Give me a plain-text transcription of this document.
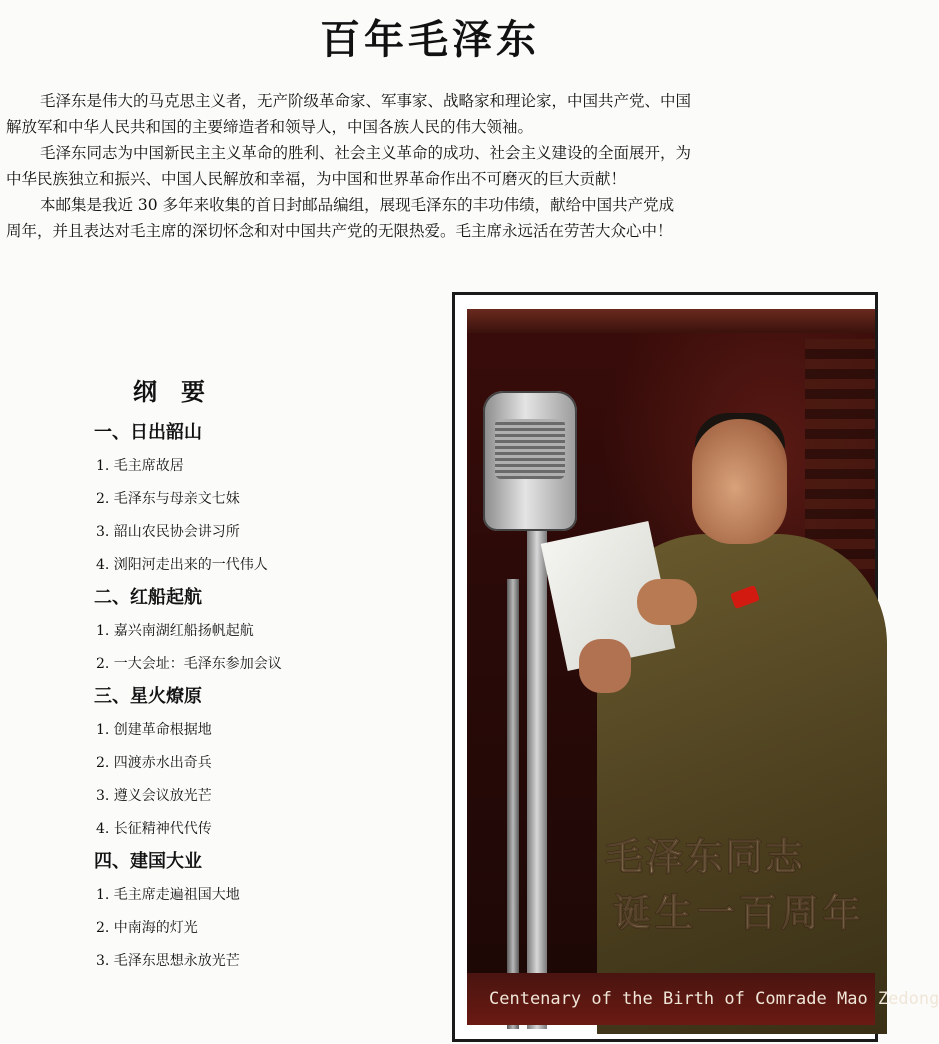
百年毛泽东

毛泽东是伟大的马克思主义者，无产阶级革命家、军事家、战略家和理论家，中国共产党、中国

解放军和中华人民共和国的主要缔造者和领导人，中国各族人民的伟大领袖。

毛泽东同志为中国新民主主义革命的胜利、社会主义革命的成功、社会主义建设的全面展开，为

中华民族独立和振兴、中国人民解放和幸福，为中国和世界革命作出不可磨灭的巨大贡献！

本邮集是我近 30 多年来收集的首日封邮品编组，展现毛泽东的丰功伟绩，献给中国共产党成

周年，并且表达对毛主席的深切怀念和对中国共产党的无限热爱。毛主席永远活在劳苦大众心中！

纲要
一、日出韶山
1. 毛主席故居
2. 毛泽东与母亲文七妹
3. 韶山农民协会讲习所
4. 浏阳河走出来的一代伟人
二、红船起航
1. 嘉兴南湖红船扬帆起航
2. 一大会址：毛泽东参加会议
三、星火燎原
1. 创建革命根据地
2. 四渡赤水出奇兵
3. 遵义会议放光芒
4. 长征精神代代传
四、建国大业
1. 毛主席走遍祖国大地
2. 中南海的灯光
3. 毛泽东思想永放光芒
毛泽东同志
诞生一百周年
Centenary of the Birth of Comrade Mao Zedong
